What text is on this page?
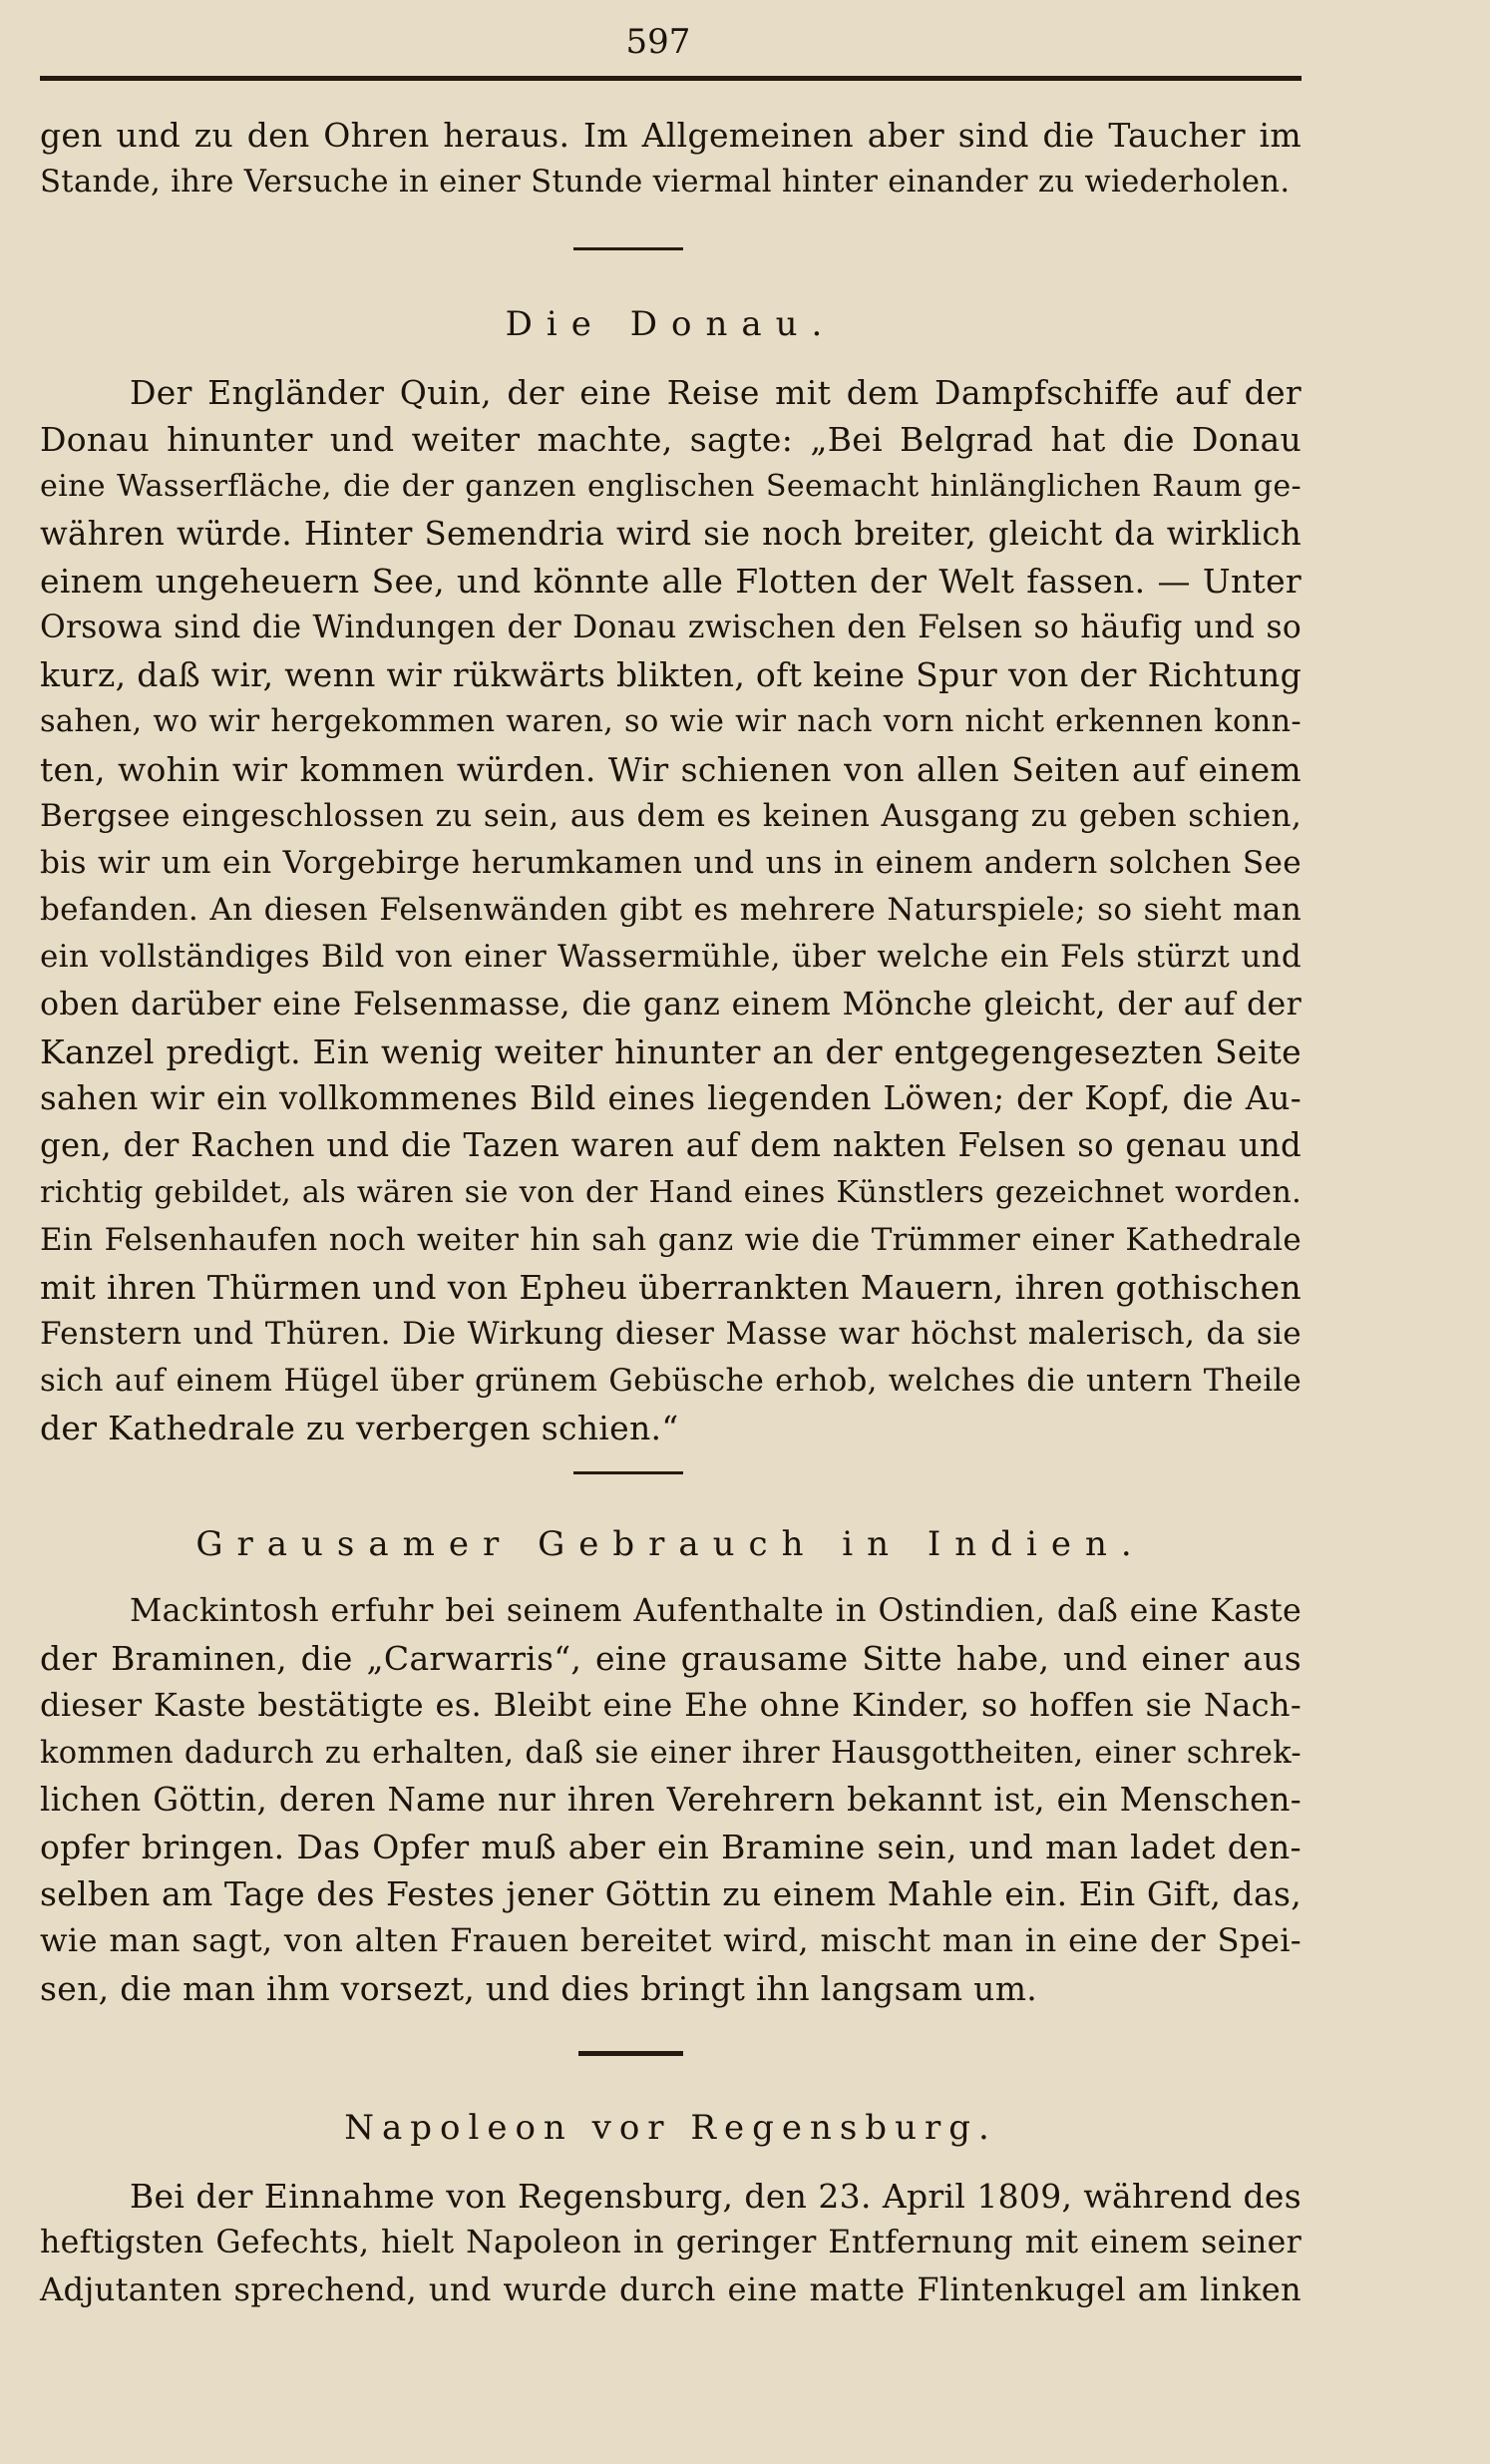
597
gen und zu den Ohren heraus. Im Allgemeinen aber sind die Taucher im
Stande, ihre Versuche in einer Stunde viermal hinter einander zu wiederholen.
Die Donau.
Der Engländer Quin, der eine Reise mit dem Dampfschiffe auf der
Donau hinunter und weiter machte, sagte: „Bei Belgrad hat die Donau
eine Wasserfläche, die der ganzen englischen Seemacht hinlänglichen Raum ge-
währen würde. Hinter Semendria wird sie noch breiter, gleicht da wirklich
einem ungeheuern See, und könnte alle Flotten der Welt fassen. — Unter
Orsowa sind die Windungen der Donau zwischen den Felsen so häufig und so
kurz, daß wir, wenn wir rükwärts blikten, oft keine Spur von der Richtung
sahen, wo wir hergekommen waren, so wie wir nach vorn nicht erkennen konn-
ten, wohin wir kommen würden. Wir schienen von allen Seiten auf einem
Bergsee eingeschlossen zu sein, aus dem es keinen Ausgang zu geben schien,
bis wir um ein Vorgebirge herumkamen und uns in einem andern solchen See
befanden. An diesen Felsenwänden gibt es mehrere Naturspiele; so sieht man
ein vollständiges Bild von einer Wassermühle, über welche ein Fels stürzt und
oben darüber eine Felsenmasse, die ganz einem Mönche gleicht, der auf der
Kanzel predigt. Ein wenig weiter hinunter an der entgegengesezten Seite
sahen wir ein vollkommenes Bild eines liegenden Löwen; der Kopf, die Au-
gen, der Rachen und die Tazen waren auf dem nakten Felsen so genau und
richtig gebildet, als wären sie von der Hand eines Künstlers gezeichnet worden.
Ein Felsenhaufen noch weiter hin sah ganz wie die Trümmer einer Kathedrale
mit ihren Thürmen und von Epheu überrankten Mauern, ihren gothischen
Fenstern und Thüren. Die Wirkung dieser Masse war höchst malerisch, da sie
sich auf einem Hügel über grünem Gebüsche erhob, welches die untern Theile
der Kathedrale zu verbergen schien.“
Grausamer Gebrauch in Indien.
Mackintosh erfuhr bei seinem Aufenthalte in Ostindien, daß eine Kaste
der Braminen, die „Carwarris“, eine grausame Sitte habe, und einer aus
dieser Kaste bestätigte es. Bleibt eine Ehe ohne Kinder, so hoffen sie Nach-
kommen dadurch zu erhalten, daß sie einer ihrer Hausgottheiten, einer schrek-
lichen Göttin, deren Name nur ihren Verehrern bekannt ist, ein Menschen-
opfer bringen. Das Opfer muß aber ein Bramine sein, und man ladet den-
selben am Tage des Festes jener Göttin zu einem Mahle ein. Ein Gift, das,
wie man sagt, von alten Frauen bereitet wird, mischt man in eine der Spei-
sen, die man ihm vorsezt, und dies bringt ihn langsam um.
Napoleon vor Regensburg.
Bei der Einnahme von Regensburg, den 23. April 1809, während des
heftigsten Gefechts, hielt Napoleon in geringer Entfernung mit einem seiner
Adjutanten sprechend, und wurde durch eine matte Flintenkugel am linken
